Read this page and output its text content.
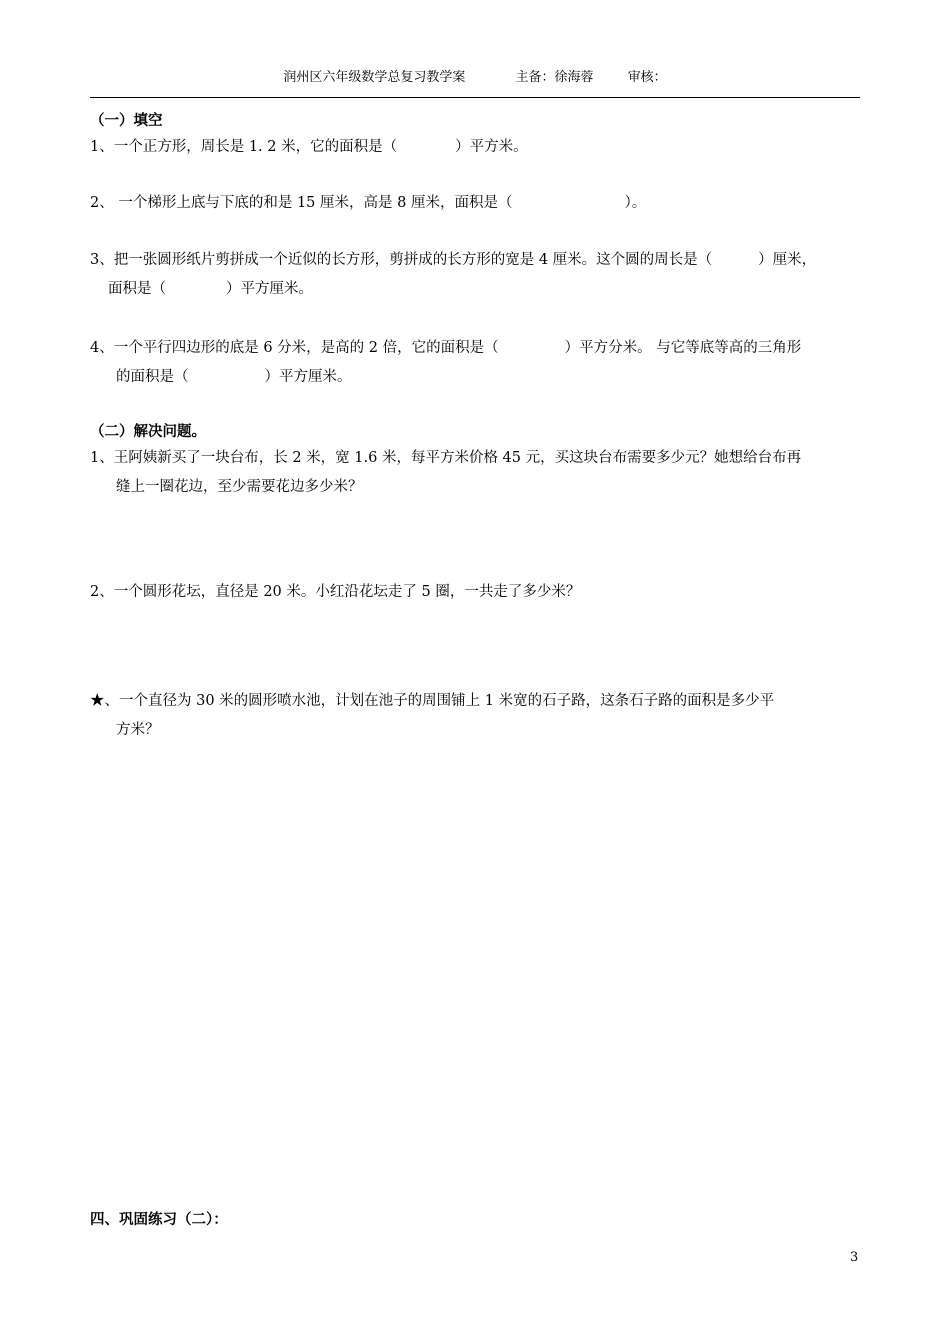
润州区六年级数学总复习教学案	主备：徐海蓉	审核：
（一）填空
1、一个正方形，周长是 1. 2 米，它的面积是（	）平方米。
2、 一个梯形上底与下底的和是 15 厘米，高是 8 厘米，面积是（	）。
3、把一张圆形纸片剪拼成一个近似的长方形，剪拼成的长方形的宽是 4 厘米。这个圆的周长是（	）厘米，
面积是（	）平方厘米。
4、一个平行四边形的底是 6 分米，是高的 2 倍，它的面积是（	）平方分米。 与它等底等高的三角形
的面积是（	）平方厘米。
（二）解决问题。
1、王阿姨新买了一块台布，长 2 米，宽 1.6 米，每平方米价格 45 元，买这块台布需要多少元？她想给台布再
缝上一圈花边，至少需要花边多少米？
2、一个圆形花坛，直径是 20 米。小红沿花坛走了 5 圈，一共走了多少米？
★、一个直径为 30 米的圆形喷水池，计划在池子的周围铺上 1 米宽的石子路，这条石子路的面积是多少平
方米？
四、巩固练习（二）：
3
